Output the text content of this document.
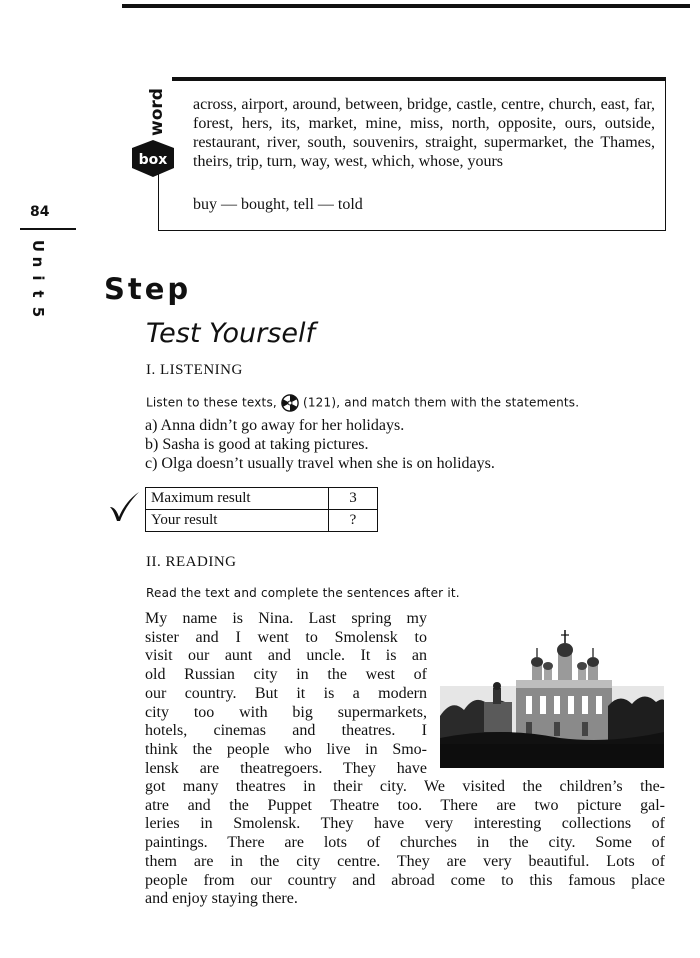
word
box
across, airport, around, between, bridge, castle, centre, church, east, far, forest, hers, its, market, mine, miss, north, opposite, ours, outside, restaurant, river, south, souvenirs, straight, supermarket, the Thames, theirs, trip, turn, way, west, which, whose, yours
buy — bought, tell — told
84
U
n
i
t
5
Step
Test Yourself
I. LISTENING
Listen to these texts, (121), and match them with the statements.
a) Anna didn’t go away for her holidays.
b) Sasha is good at taking pictures.
c) Olga doesn’t usually travel when she is on holidays.
Maximum result	3
Your result	?
II. READING
Read the text and complete the sentences after it.
My name is Nina. Last spring my
sister and I went to Smolensk to
visit our aunt and uncle. It is an
old Russian city in the west of
our country. But it is a modern
city too with big supermarkets,
hotels, cinemas and theatres. I
think the people who live in Smo-
lensk are theatregoers. They have
got many theatres in their city. We visited the children’s the-
atre and the Puppet Theatre too. There are two picture gal-
leries in Smolensk. They have very interesting collections of
paintings. There are lots of churches in the city. Some of
them are in the city centre. They are very beautiful. Lots of
people from our country and abroad come to this famous place
and enjoy staying there.
